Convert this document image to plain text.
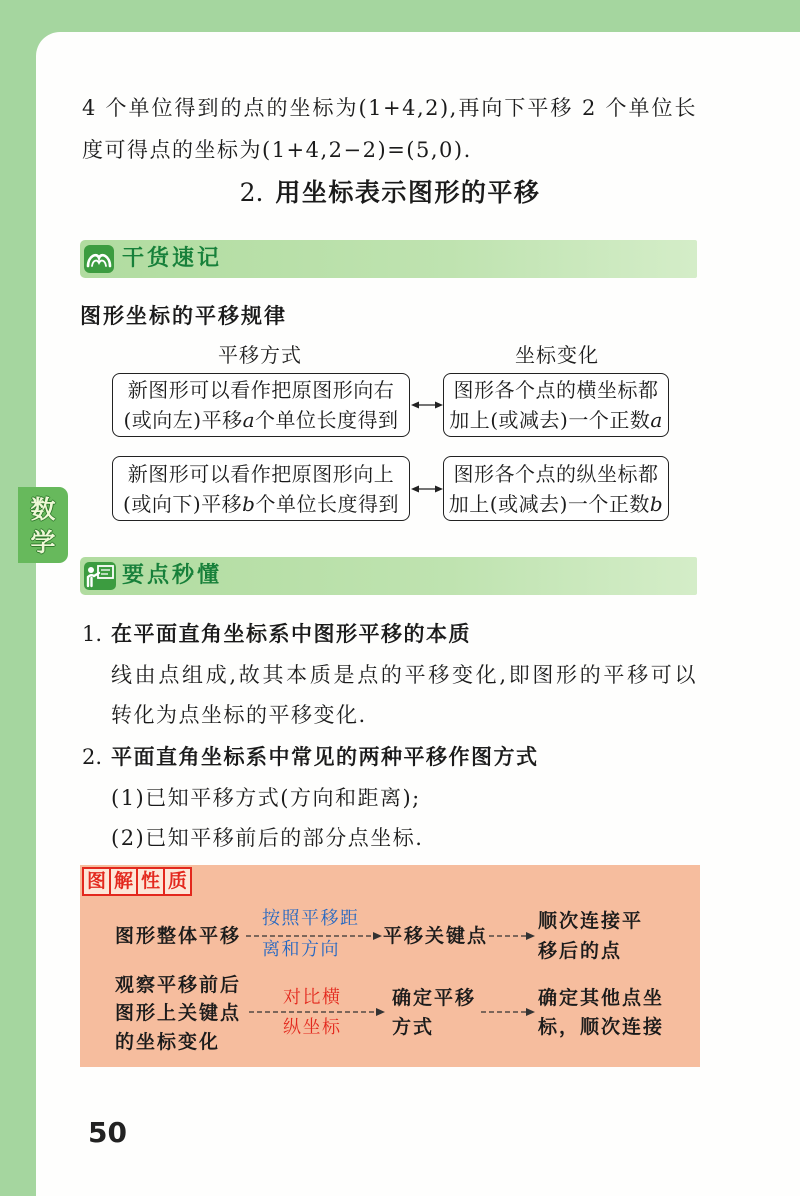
数
学
4 个单位得到的点的坐标为(1+4,2),再向下平移 2 个单位长
度可得点的坐标为(1+4,2−2)=(5,0).
2. 用坐标表示图形的平移
干货速记
图形坐标的平移规律
平移方式	坐标变化
新图形可以看作把原图形向右
(或向左)平移a个单位长度得到
图形各个点的横坐标都
加上(或减去)一个正数a
新图形可以看作把原图形向上
(或向下)平移b个单位长度得到
图形各个点的纵坐标都
加上(或减去)一个正数b
要点秒懂
1. 在平面直角坐标系中图形平移的本质
线由点组成,故其本质是点的平移变化,即图形的平移可以
转化为点坐标的平移变化.
2. 平面直角坐标系中常见的两种平移作图方式
(1)已知平移方式(方向和距离);
(2)已知平移前后的部分点坐标.
图 解 性 质
图形整体平移
按照平移距
离和方向
平移关键点
顺次连接平
移后的点
观察平移前后
图形上关键点
的坐标变化
对比横
纵坐标
确定平移
方式
确定其他点坐
标，顺次连接
50
